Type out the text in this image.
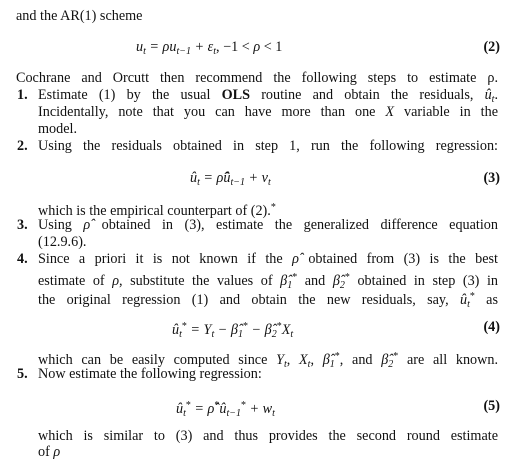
and the AR(1) scheme
$u_t = \rho u_{t-1} + \varepsilon_t$, −1 < ρ < 1	(2)
Cochrane and Orcutt then recommend the following steps to estimate ρ.
1. Estimate (1) by the usual OLS routine and obtain the residuals, $û_t$.
Incidentally, note that you can have more than one X variable in the
model.
2. Using the residuals obtained in step 1, run the following regression:
$û_t$ = $\rhôû_{t-1} + v_t$	(3)
which is the empirical counterpart of (2).*
3. Using ρ̂ obtained in (3), estimate the generalized difference equation
(12.9.6).
4. Since a priori it is not known if the ρ̂ obtained from (3) is the best
estimate of ρ, substitute the values of $\betâ_1^*$ and $\betâ_2^*$ obtained in step (3) in
the original regression (1) and obtain the new residuals, say, $û_t^*$ as
$û_t^* = Y_t$ − $\betâ_1^*$ − $\betâ_2^*X_t$	(4)
which can be easily computed since $Y_t$, $X_t$, $\betâ_1^*$, and $\betâ_2^*$ are all known.
5. Now estimate the following regression:
$û_t^*$ = $\rhô^*û_{t-1}^* + w_t$	(5)
which is similar to (3) and thus provides the second round estimate
of ρ
